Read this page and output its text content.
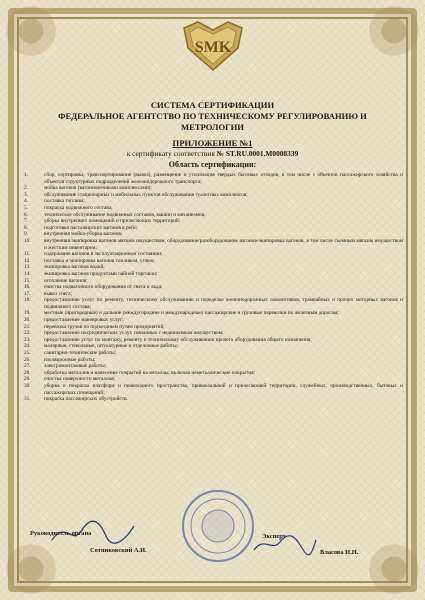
SMK
СИСТЕМА СЕРТИФИКАЦИИ
ФЕДЕРАЛЬНОЕ АГЕНТСТВО ПО ТЕХНИЧЕСКОМУ РЕГУЛИРОВАНИЮ И МЕТРОЛОГИИ
ПРИЛОЖЕНИЕ №1
к сертификату соответствия № ST.RU.0001.M0008339
Область сертификации:
1.	сбор, сортировка, транспортирование (вывоз), размещение и утилизация твердых бытовых отходов, в том числе с объектов пассажирского хозяйства и объектов структурных подразделений железнодорожного транспорта;
2.	мойка вагонов (вагономоечными комплексами);
3.	обслуживание стационарных и мобильных пунктов обслуживания туалетных комплексов;
4.	поставка топлива;
5.	покраска подвижного состава;
6.	техническое обслуживание подвижных составов, машин и механизмов;
7.	уборка внутренних помещений и прилегающих территорий;
8.	подготовка пассажирских вагонов в рейс;
9.	внутренняя мойка-уборка вагонов;
10.	внутренняя экипировка вагонов мягким имуществом, оборудование/разоборудование вагонов-экипировка вагонов, в том числе съемным мягким имуществом и жестким инвентарем;
11.	содержание вагонов в эксплуатационном состоянии;
12.	поставка и экипировка вагонов топливом, углем;
13.	экипировка вагонов водой;
14.	экипировка вагонов продуктами чайной торговли;
15.	отопление вагонов;
16.	очистка подвагонного оборудования от снега и льда;
17.	вывоз снега;
18.	предоставление услуг по ремонту, техническому обслуживанию и переделке железнодорожных локомотивов, трамвайных и прочих моторных вагонов и подвижного состава;
19.	местные (пригородные) и дальние (междугородние и международные) пассажирские и грузовые перевозки по железным дорогам;
20.	предоставление маневровых услуг;
21.	перевозка грузов по подъездным путям предприятий;
22.	предоставление посреднических услуг, связанных с недвижимым имуществом;
23.	предоставление услуг по монтажу, ремонту и техническому обслуживанию прочего оборудования общего назначения;
24.	малярные, стекольные, штукатурные и отделочные работы;
25.	санитарно-технические работы;
26.	изоляционные работы;
27.	электромонтажные работы;
28.	обработка металлов и нанесение покрытий на металлы, включая неметаллические покрытия;
29.	очистка поверхности металлов;
30.	уборка и покраска платформ и пешеходного пространства, привокзальной и прилегающей территории, служебных, производственных, бытовых и пассажирских помещений;
31.	покраска пассажирских обустройств.
Руководитель органа
Сотниковский А.И.
Эксперт
Власова И.Н.
